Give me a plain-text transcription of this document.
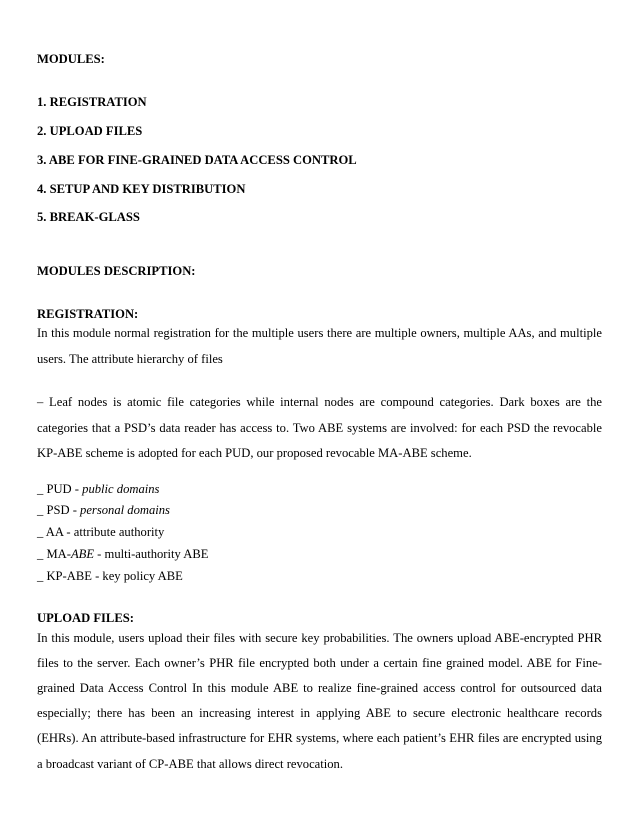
MODULES:
1. REGISTRATION
2. UPLOAD FILES
3. ABE FOR FINE-GRAINED DATA ACCESS CONTROL
4. SETUP AND KEY DISTRIBUTION
5. BREAK-GLASS
MODULES DESCRIPTION:
REGISTRATION:
In this module normal registration for the multiple users there are multiple owners, multiple AAs, and multiple
users. The attribute hierarchy of files
– Leaf nodes is atomic file categories while internal nodes are compound categories. Dark boxes are the
categories that a PSD’s data reader has access to. Two ABE systems are involved: for each PSD the revocable
KP-ABE scheme is adopted for each PUD, our proposed revocable MA-ABE scheme.
_ PUD - public domains
_ PSD - personal domains
_ AA - attribute authority
_ MA-ABE - multi-authority ABE
_ KP-ABE - key policy ABE
UPLOAD FILES:
In this module, users upload their files with secure key probabilities. The owners upload ABE-encrypted PHR
files to the server. Each owner’s PHR file encrypted both under a certain fine grained model. ABE for Fine-
grained Data Access Control In this module ABE to realize fine-grained access control for outsourced data
especially; there has been an increasing interest in applying ABE to secure electronic healthcare records
(EHRs). An attribute-based infrastructure for EHR systems, where each patient’s EHR files are encrypted using
a broadcast variant of CP-ABE that allows direct revocation.
